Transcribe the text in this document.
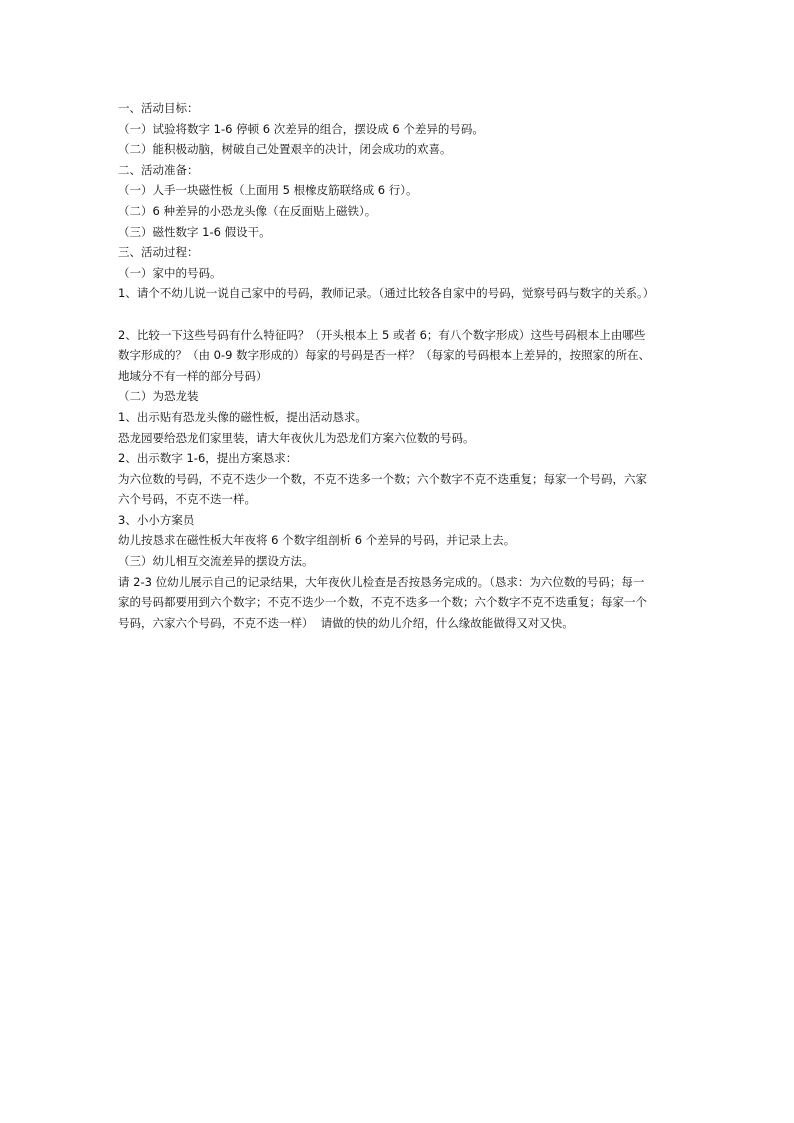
一、活动目标：
（一）试验将数字 1-6 停顿 6 次差异的组合，摆设成 6 个差异的号码。
（二）能积极动脑，树破自己处置艰辛的决计，闭会成功的欢喜。
二、活动准备：
（一）人手一块磁性板（上面用 5 根橡皮筋联络成 6 行）。
（二）6 种差异的小恐龙头像（在反面贴上磁铁）。
（三）磁性数字 1-6 假设干。
三、活动过程：
（一）家中的号码。
1、请个不幼儿说一说自己家中的号码，教师记录。（通过比较各自家中的号码，觉察号码与数字的关系。）
2、比较一下这些号码有什么特征吗？（开头根本上 5 或者 6；有八个数字形成）这些号码根本上由哪些
数字形成的？（由 0-9 数字形成的）每家的号码是否一样？（每家的号码根本上差异的，按照家的所在、
地域分不有一样的部分号码）
（二）为恐龙装
1、出示贴有恐龙头像的磁性板，提出活动恳求。
恐龙园要给恐龙们家里装，请大年夜伙儿为恐龙们方案六位数的号码。
2、出示数字 1-6，提出方案恳求：
为六位数的号码，不克不迭少一个数，不克不迭多一个数；六个数字不克不迭重复；每家一个号码，六家
六个号码，不克不迭一样。
3、小小方案员
幼儿按恳求在磁性板大年夜将 6 个数字组剖析 6 个差异的号码，并记录上去。
（三）幼儿相互交流差异的摆设方法。
请 2-3 位幼儿展示自己的记录结果，大年夜伙儿检查是否按恳务完成的。（恳求：为六位数的号码；每一
家的号码都要用到六个数字；不克不迭少一个数，不克不迭多一个数；六个数字不克不迭重复；每家一个
号码，六家六个号码，不克不迭一样）  请做的快的幼儿介绍，什么缘故能做得又对又快。
